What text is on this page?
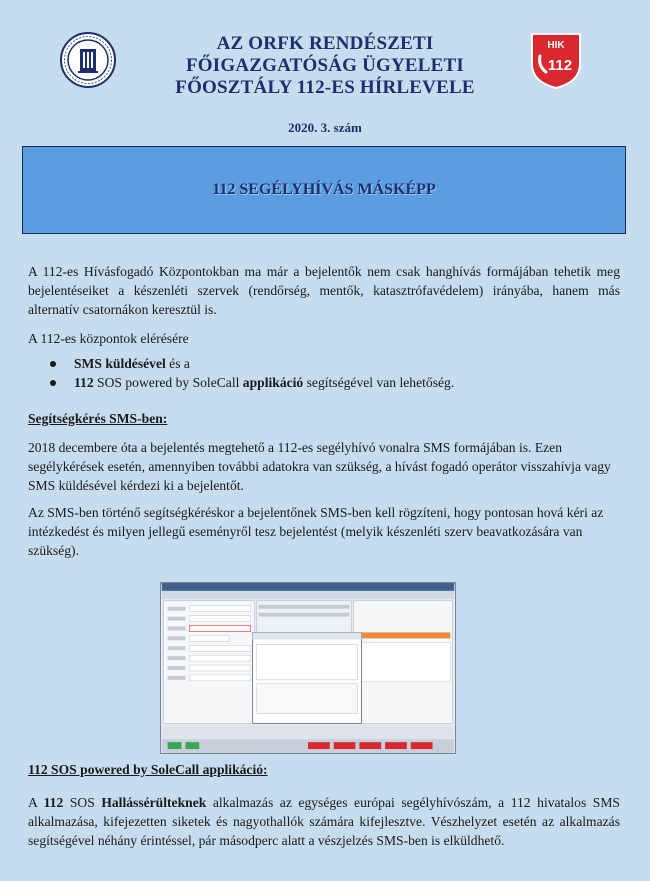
AZ ORFK RENDÉSZETI
FŐIGAZGATÓSÁG ÜGYELETI
FŐOSZTÁLY 112-ES HÍRLEVELE
HIK
112
2020. 3. szám
112 SEGÉLYHÍVÁS MÁSKÉPP

A 112-es Hívásfogadó Központokban ma már a bejelentők nem csak hanghívás formájában tehetik meg bejelentéseiket a készenléti szervek (rendőrség, mentők, katasztrófavédelem) irányába, hanem más alternatív csatornákon keresztül is.

A 112-es központok elérésére

SMS küldésével és a
112 SOS powered by SoleCall applikáció segítségével van lehetőség.

Segítségkérés SMS-ben:

2018 decembere óta a bejelentés megtehető a 112-es segélyhívó vonalra SMS formájában is. Ezen segélykérések esetén, amennyiben további adatokra van szükség, a hívást fogadó operátor visszahívja vagy SMS küldésével kérdezi ki a bejelentőt.

Az SMS-ben történő segítségkéréskor a bejelentőnek SMS-ben kell rögzíteni, hogy pontosan hová kéri az intézkedést és milyen jellegű eseményről tesz bejelentést (melyik készenléti szerv beavatkozására van szükség).

112 SOS powered by SoleCall applikáció:

A 112 SOS Hallássérülteknek alkalmazás az egységes európai segélyhívószám, a 112 hivatalos SMS alkalmazása, kifejezetten siketek és nagyothallók számára kifejlesztve. Vészhelyzet esetén az alkalmazás segítségével néhány érintéssel, pár másodperc alatt a vészjelzés SMS-ben is elküldhető.
